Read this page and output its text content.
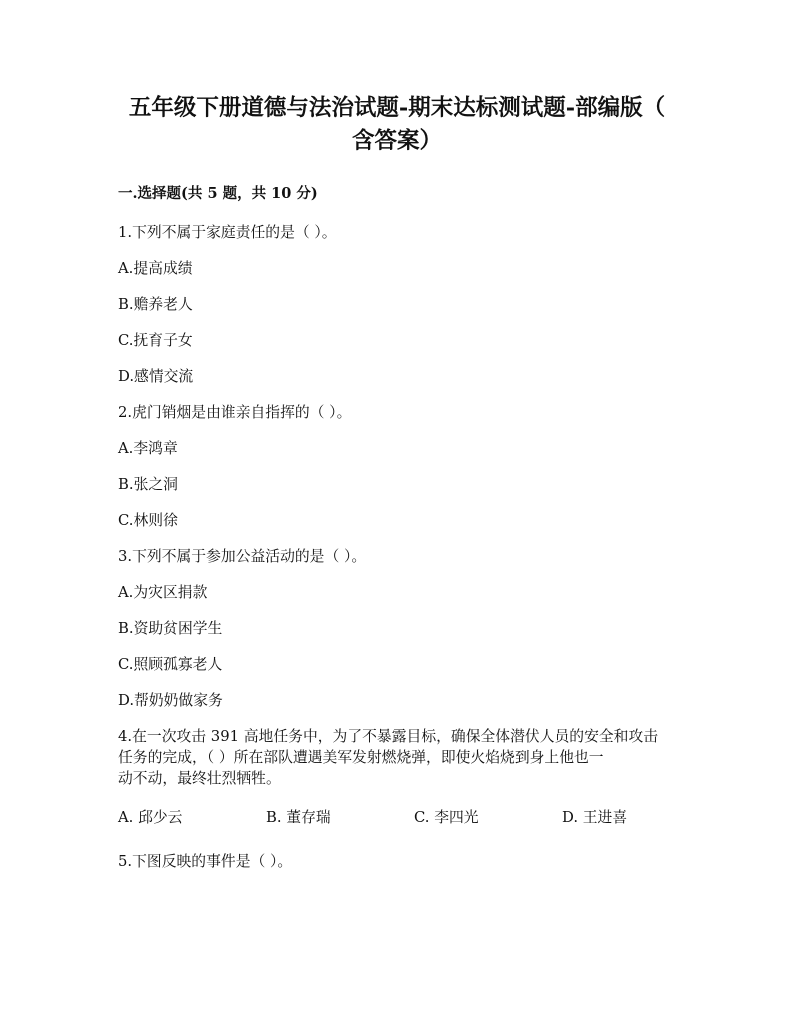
五年级下册道德与法治试题-期末达标测试题-部编版（
含答案）
一.选择题(共 5 题，共 10 分)
1.下列不属于家庭责任的是（ ）。
A.提高成绩
B.赡养老人
C.抚育子女
D.感情交流
2.虎门销烟是由谁亲自指挥的（ ）。
A.李鸿章
B.张之洞
C.林则徐
3.下列不属于参加公益活动的是（ ）。
A.为灾区捐款
B.资助贫困学生
C.照顾孤寡老人
D.帮奶奶做家务
4.在一次攻击 391 高地任务中，为了不暴露目标，确保全体潜伏人员的安全和攻击
任务的完成，（ ）所在部队遭遇美军发射燃烧弹，即使火焰烧到身上他也一
动不动，最终壮烈牺牲。
A. 邱少云	B. 董存瑞	C. 李四光	D. 王进喜
5.下图反映的事件是（ ）。
